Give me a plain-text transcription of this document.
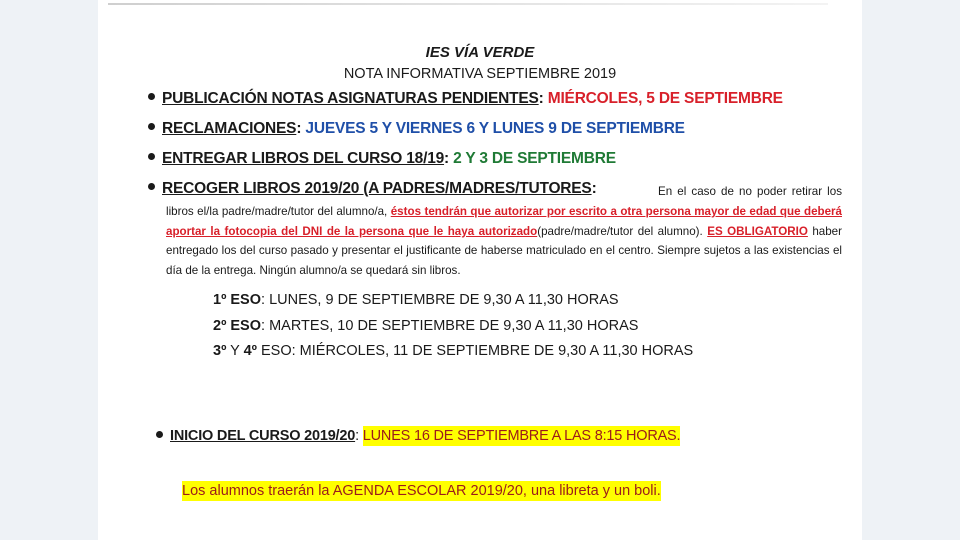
IES VÍA VERDE
NOTA INFORMATIVA SEPTIEMBRE 2019
PUBLICACIÓN NOTAS ASIGNATURAS PENDIENTES: MIÉRCOLES, 5 DE SEPTIEMBRE
RECLAMACIONES: JUEVES 5 Y VIERNES 6 Y LUNES 9 DE SEPTIEMBRE
ENTREGAR LIBROS DEL CURSO 18/19: 2 Y 3 DE SEPTIEMBRE
RECOGER LIBROS 2019/20 (A PADRES/MADRES/TUTORES:	En el caso de no poder retirar los libros el/la padre/madre/tutor del alumno/a, éstos tendrán que autorizar por escrito a otra persona mayor de edad que deberá aportar la fotocopia del DNI de la persona que le haya autorizado(padre/madre/tutor del alumno). ES OBLIGATORIO haber entregado los del curso pasado y presentar el justificante de haberse matriculado en el centro. Siempre sujetos a las existencias el día de la entrega. Ningún alumno/a se quedará sin libros.
1º ESO: LUNES, 9 DE SEPTIEMBRE DE 9,30 A 11,30 HORAS
2º ESO: MARTES, 10 DE SEPTIEMBRE DE 9,30 A 11,30 HORAS
3º Y 4º ESO: MIÉRCOLES, 11 DE SEPTIEMBRE DE 9,30 A 11,30 HORAS
INICIO DEL CURSO 2019/20: LUNES 16 DE SEPTIEMBRE A LAS 8:15 HORAS.
Los alumnos traerán la AGENDA ESCOLAR 2019/20, una libreta y un boli.
